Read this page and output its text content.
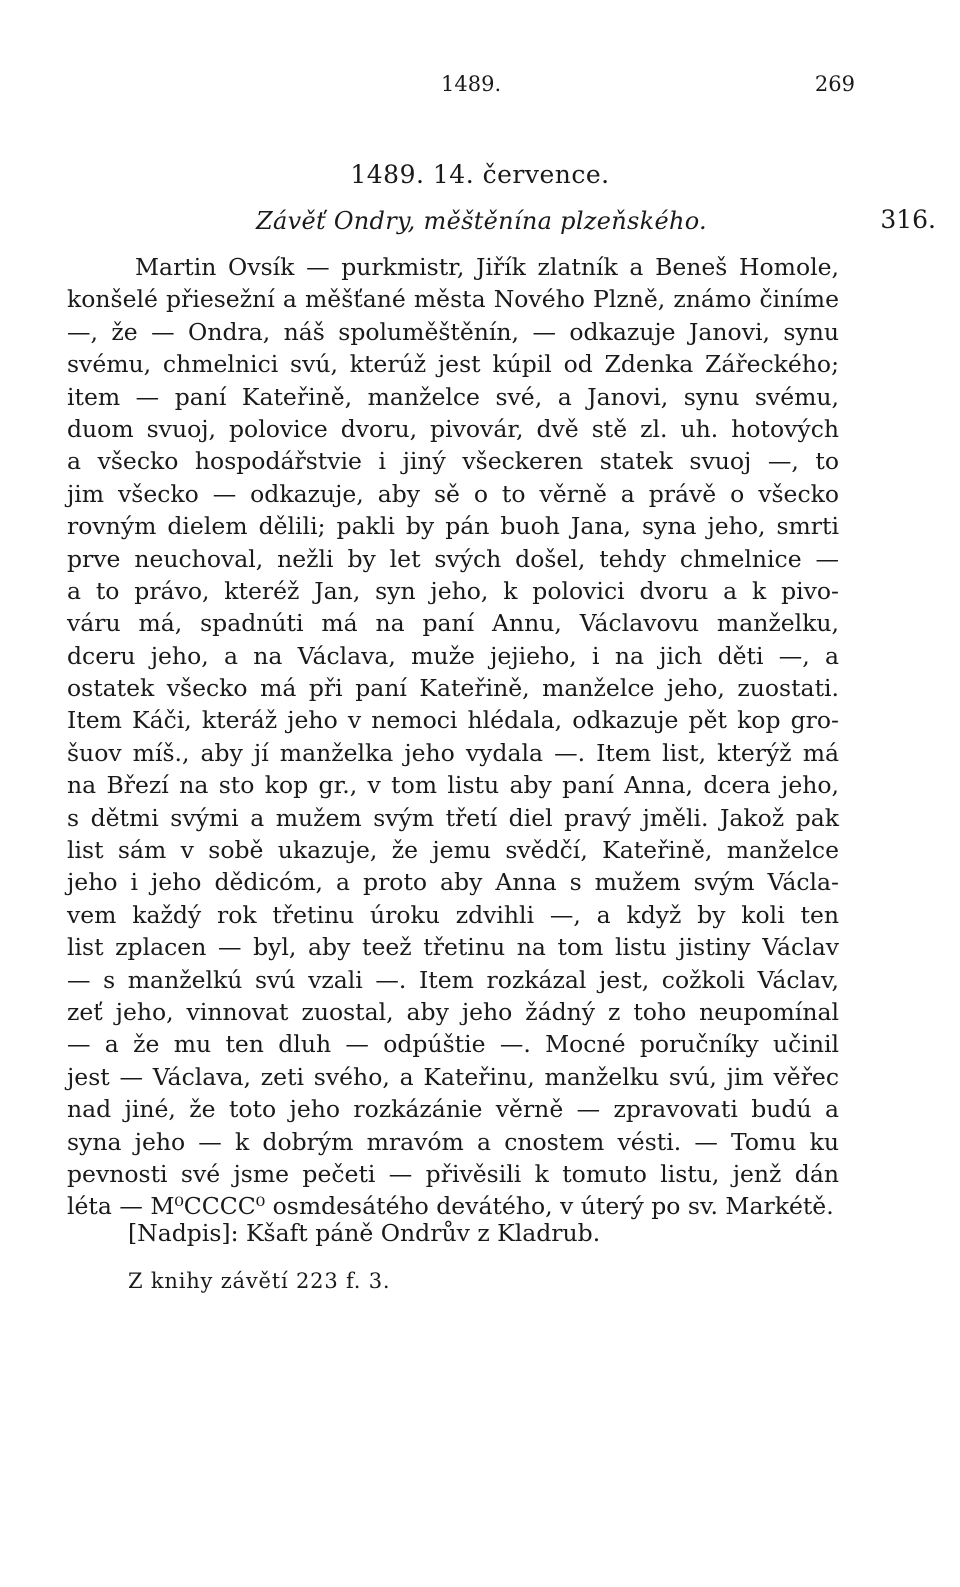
1489.	269
1489. 14. července.
Závěť Ondry, měštěnína plzeňského.	316.
Martin Ovsík — purkmistr, Jiřík zlatník a Beneš Homole,
konšelé přiesežní a měšťané města Nového Plzně, známo činíme
—, že — Ondra, náš spoluměštěnín, — odkazuje Janovi, synu
svému, chmelnici svú, kterúž jest kúpil od Zdenka Zářeckého;
item — paní Kateřině, manželce své, a Janovi, synu svému,
duom svuoj, polovice dvoru, pivovár, dvě stě zl. uh. hotových
a všecko hospodářstvie i jiný všeckeren statek svuoj —, to
jim všecko — odkazuje, aby sě o to věrně a právě o všecko
rovným dielem dělili; pakli by pán buoh Jana, syna jeho, smrti
prve neuchoval, nežli by let svých došel, tehdy chmelnice —
a to právo, kteréž Jan, syn jeho, k polovici dvoru a k pivo-
váru má, spadnúti má na paní Annu, Václavovu manželku,
dceru jeho, a na Václava, muže jejieho, i na jich děti —, a
ostatek všecko má při paní Kateřině, manželce jeho, zuostati.
Item Káči, kteráž jeho v nemoci hlédala, odkazuje pět kop gro-
šuov míš., aby jí manželka jeho vydala —. Item list, kterýž má
na Březí na sto kop gr., v tom listu aby paní Anna, dcera jeho,
s dětmi svými a mužem svým třetí diel pravý jměli. Jakož pak
list sám v sobě ukazuje, že jemu svědčí, Kateřině, manželce
jeho i jeho dědicóm, a proto aby Anna s mužem svým Václa-
vem každý rok třetinu úroku zdvihli —, a když by koli ten
list zplacen — byl, aby teež třetinu na tom listu jistiny Václav
— s manželkú svú vzali —. Item rozkázal jest, cožkoli Václav,
zeť jeho, vinnovat zuostal, aby jeho žádný z toho neupomínal
— a že mu ten dluh — odpúštie —. Mocné poručníky učinil
jest — Václava, zeti svého, a Kateřinu, manželku svú, jim věřec
nad jiné, že toto jeho rozkázánie věrně — zpravovati budú a
syna jeho — k dobrým mravóm a cnostem vésti. — Tomu ku
pevnosti své jsme pečeti — přivěsili k tomuto listu, jenž dán
léta — M⁰CCCC⁰ osmdesátého devátého, v úterý po sv. Markétě.
[Nadpis]: Kšaft páně Ondrův z Kladrub.
Z knihy závětí 223 f. 3.
